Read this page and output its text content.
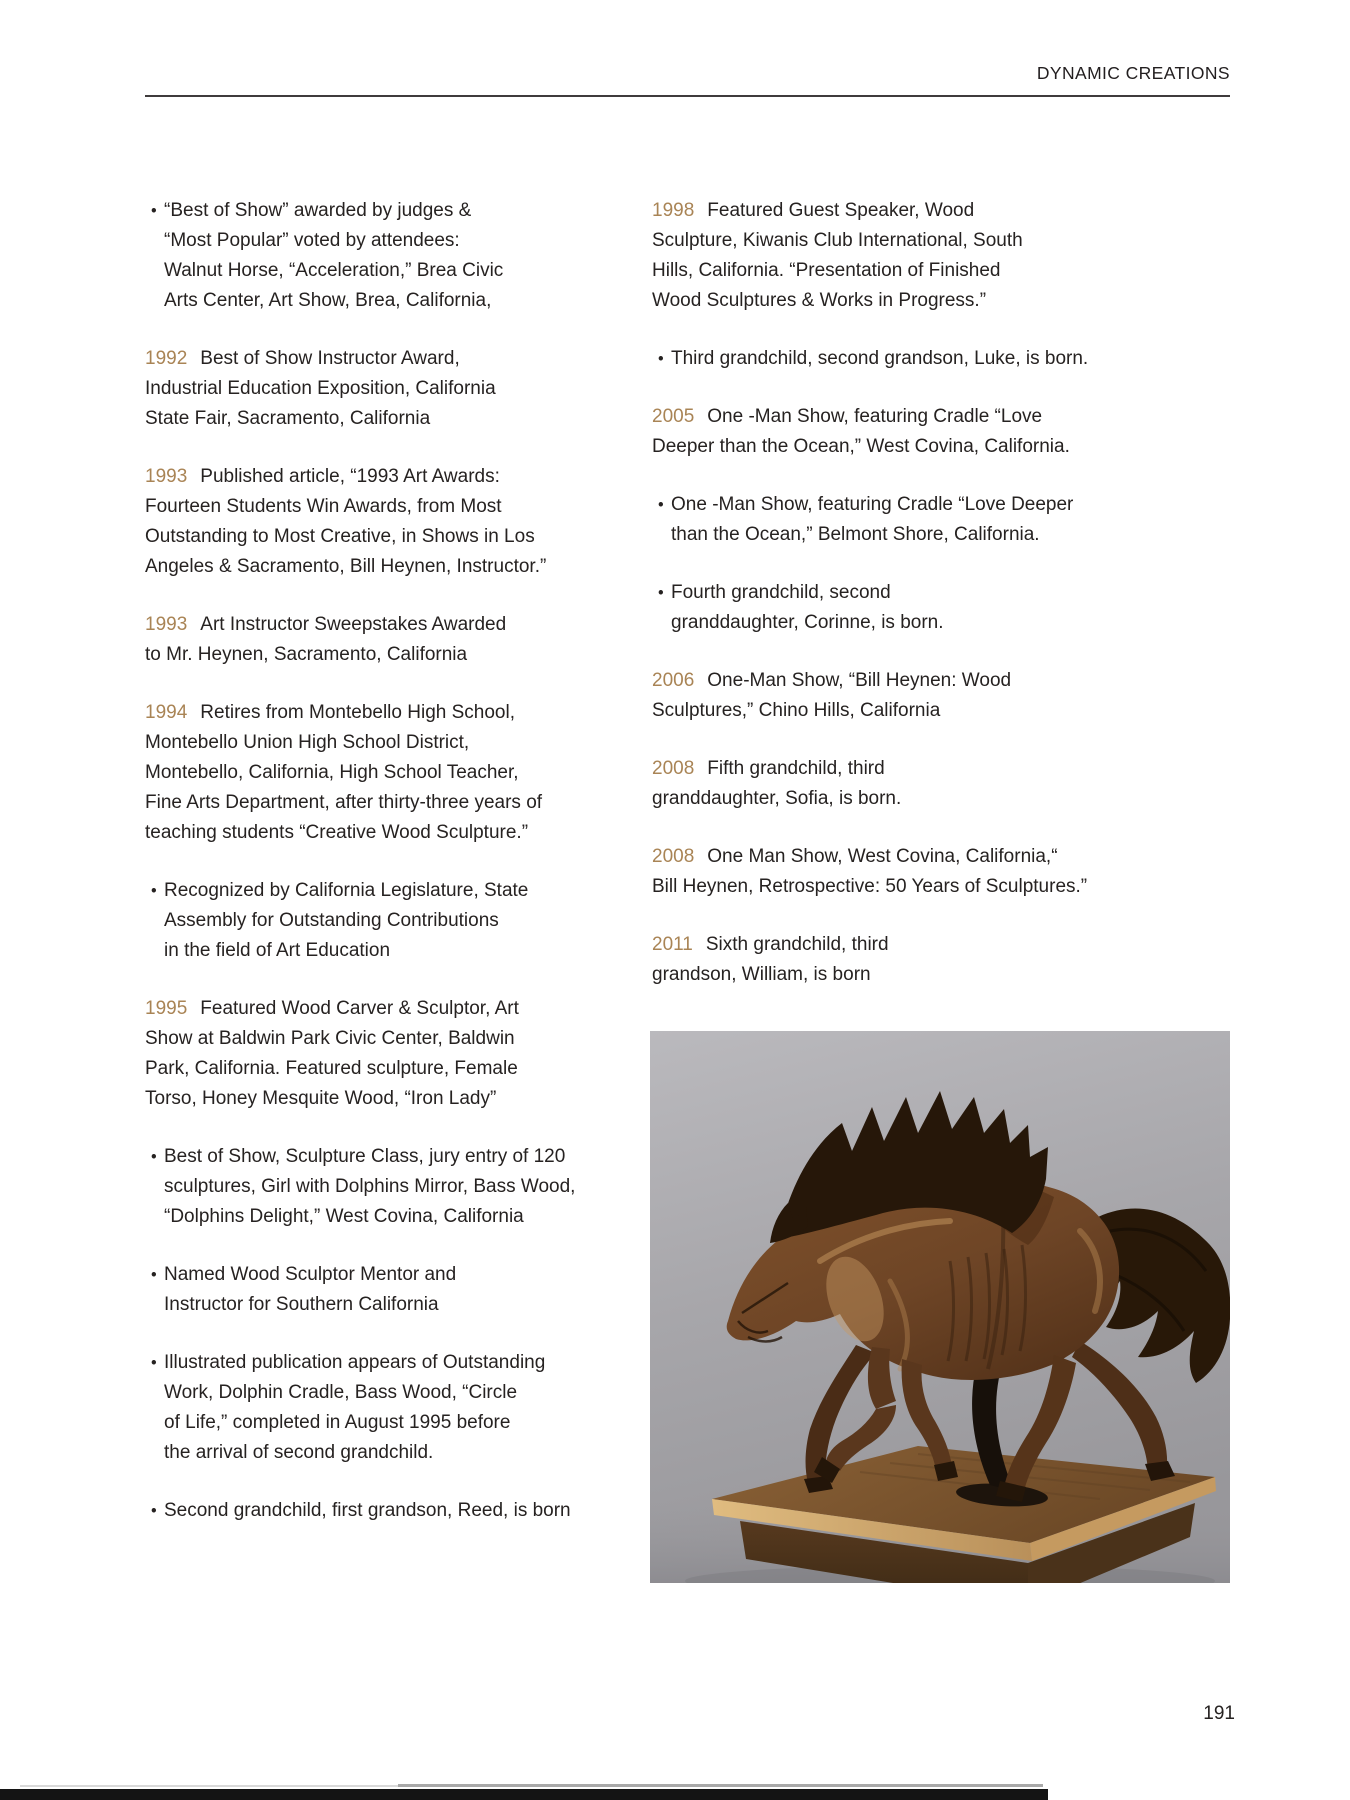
DYNAMIC CREATIONS
• “Best of Show” awarded by judges &
“Most Popular” voted by attendees:
Walnut Horse, “Acceleration,” Brea Civic
Arts Center, Art Show, Brea, California,
1992 Best of Show Instructor Award,
Industrial Education Exposition, California
State Fair, Sacramento, California
1993 Published article, “1993 Art Awards:
Fourteen Students Win Awards, from Most
Outstanding to Most Creative, in Shows in Los
Angeles & Sacramento, Bill Heynen, Instructor.”
1993 Art Instructor Sweepstakes Awarded
to Mr. Heynen, Sacramento, California
1994 Retires from Montebello High School,
Montebello Union High School District,
Montebello, California, High School Teacher,
Fine Arts Department, after thirty-three years of
teaching students “Creative Wood Sculpture.”
• Recognized by California Legislature, State
Assembly for Outstanding Contributions
in the field of Art Education
1995 Featured Wood Carver & Sculptor, Art
Show at Baldwin Park Civic Center, Baldwin
Park, California. Featured sculpture, Female
Torso, Honey Mesquite Wood, “Iron Lady”
• Best of Show, Sculpture Class, jury entry of 120
sculptures, Girl with Dolphins Mirror, Bass Wood,
“Dolphins Delight,” West Covina, California
• Named Wood Sculptor Mentor and
Instructor for Southern California
• Illustrated publication appears of Outstanding
Work, Dolphin Cradle, Bass Wood, “Circle
of Life,” completed in August 1995 before
the arrival of second grandchild.
• Second grandchild, first grandson, Reed, is born
1998 Featured Guest Speaker, Wood
Sculpture, Kiwanis Club International, South
Hills, California. “Presentation of Finished
Wood Sculptures & Works in Progress.”
• Third grandchild, second grandson, Luke, is born.
2005 One -Man Show, featuring Cradle “Love
Deeper than the Ocean,” West Covina, California.
• One -Man Show, featuring Cradle “Love Deeper
than the Ocean,” Belmont Shore, California.
• Fourth grandchild, second
granddaughter, Corinne, is born.
2006 One-Man Show, “Bill Heynen: Wood
Sculptures,” Chino Hills, California
2008 Fifth grandchild, third
granddaughter, Sofia, is born.
2008 One Man Show, West Covina, California,“
Bill Heynen, Retrospective: 50 Years of Sculptures.”
2011 Sixth grandchild, third
grandson, William, is born
191
